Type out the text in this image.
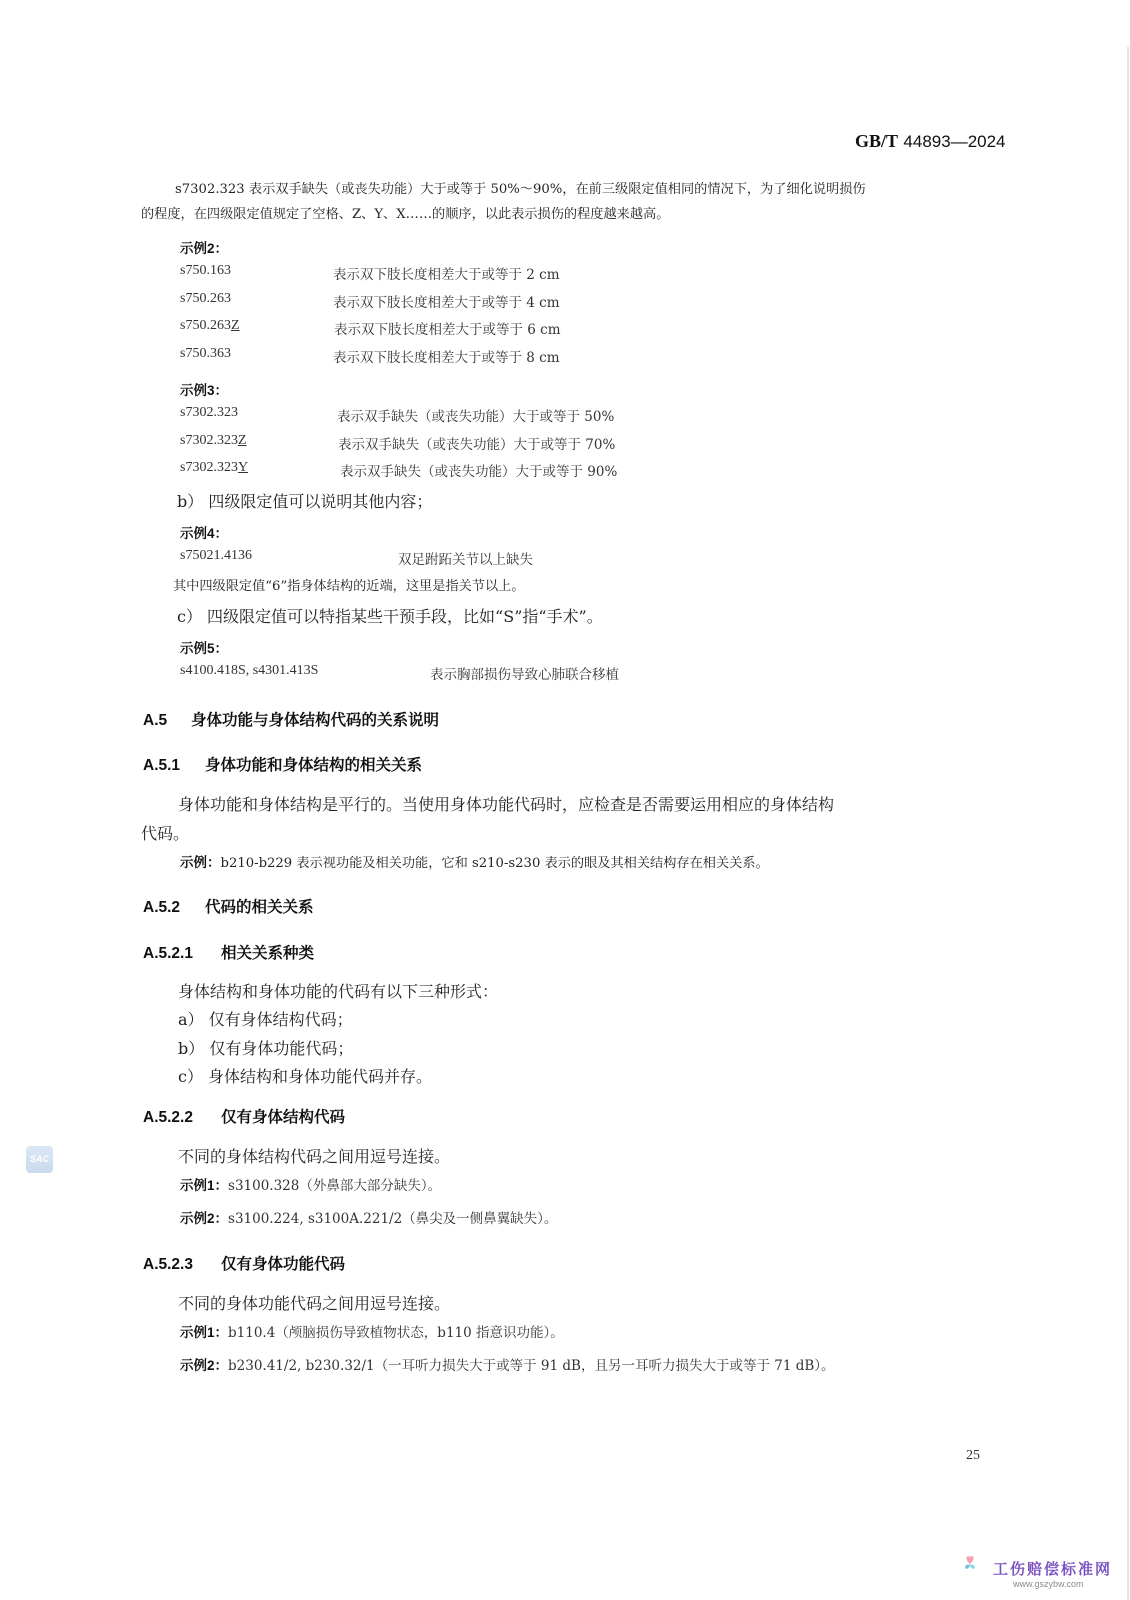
GB/T 44893—2024
s7302.323 表示双手缺失（或丧失功能）大于或等于 50%～90%，在前三级限定值相同的情况下，为了细化说明损伤
的程度，在四级限定值规定了空格、Z、Y、X……的顺序，以此表示损伤的程度越来越高。
示例2：
s750.163	表示双下肢长度相差大于或等于 2 cm
s750.263	表示双下肢长度相差大于或等于 4 cm
s750.263Z	表示双下肢长度相差大于或等于 6 cm
s750.363	表示双下肢长度相差大于或等于 8 cm
示例3：
s7302.323	表示双手缺失（或丧失功能）大于或等于 50%
s7302.323Z	表示双手缺失（或丧失功能）大于或等于 70%
s7302.323Y	表示双手缺失（或丧失功能）大于或等于 90%
b） 四级限定值可以说明其他内容；
示例4：
s75021.4136	双足跗跖关节以上缺失
其中四级限定值“6”指身体结构的近端，这里是指关节以上。
c） 四级限定值可以特指某些干预手段，比如“S”指“手术”。
示例5：
s4100.418S, s4301.413S	表示胸部损伤导致心肺联合移植
A.5 身体功能与身体结构代码的关系说明
A.5.1 身体功能和身体结构的相关关系
身体功能和身体结构是平行的。当使用身体功能代码时，应检查是否需要运用相应的身体结构
代码。
示例：b210-b229 表示视功能及相关功能，它和 s210-s230 表示的眼及其相关结构存在相关关系。
A.5.2 代码的相关关系
A.5.2.1 相关关系种类
身体结构和身体功能的代码有以下三种形式：
a） 仅有身体结构代码；
b） 仅有身体功能代码；
c） 身体结构和身体功能代码并存。
A.5.2.2 仅有身体结构代码
不同的身体结构代码之间用逗号连接。
示例1：s3100.328（外鼻部大部分缺失）。
示例2：s3100.224, s3100A.221/2（鼻尖及一侧鼻翼缺失）。
A.5.2.3 仅有身体功能代码
不同的身体功能代码之间用逗号连接。
示例1：b110.4（颅脑损伤导致植物状态，b110 指意识功能）。
示例2：b230.41/2, b230.32/1（一耳听力损失大于或等于 91 dB，且另一耳听力损失大于或等于 71 dB）。
25
SAC
工伤赔偿标准网
www.gszybw.com
